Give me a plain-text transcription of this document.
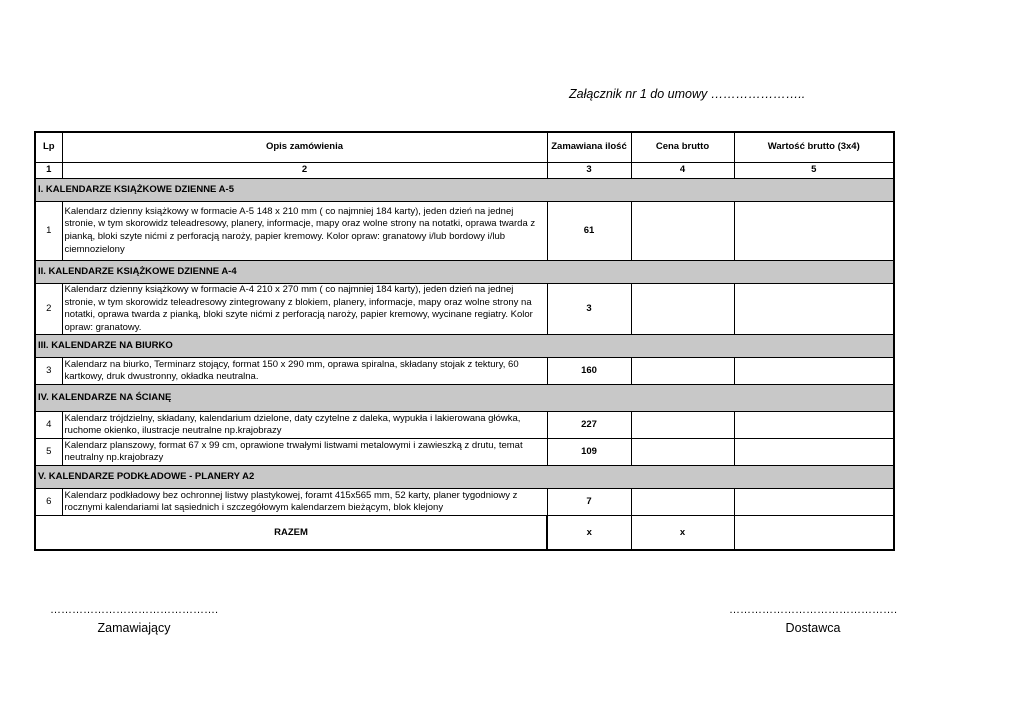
Załącznik nr 1 do umowy …………………..
Lp	Opis zamówienia	Zamawiana ilość	Cena brutto	Wartość brutto (3x4)
1	2	3	4	5
I. KALENDARZE KSIĄŻKOWE DZIENNE A-5				
1	Kalendarz dzienny książkowy w formacie A-5 148 x 210 mm ( co najmniej 184 karty), jeden dzień na jednej stronie, w tym skorowidz teleadresowy, planery, informacje, mapy oraz wolne strony na notatki, oprawa twarda z pianką, bloki szyte nićmi z perforacją naroży, papier kremowy. Kolor opraw: granatowy i/lub bordowy i/lub ciemnozielony	61		
II. KALENDARZE KSIĄŻKOWE DZIENNE A-4				
2	Kalendarz dzienny książkowy w formacie A-4 210 x 270 mm ( co najmniej 184 karty), jeden dzień na jednej stronie, w tym skorowidz teleadresowy zintegrowany z blokiem, planery, informacje, mapy oraz wolne strony na notatki, oprawa twarda z pianką, bloki szyte nićmi z perforacją naroży, papier kremowy, wycinane regiatry. Kolor opraw: granatowy.	3		
III. KALENDARZE NA BIURKO				
3	Kalendarz na biurko, Terminarz stojący, format 150 x 290 mm, oprawa spiralna, składany stojak z tektury, 60 kartkowy, druk dwustronny, okładka neutralna.	160		
IV. KALENDARZE NA ŚCIANĘ				
4	Kalendarz trójdzielny, składany, kalendarium dzielone, daty czytelne z daleka, wypukła i lakierowana główka, ruchome okienko, ilustracje neutralne np.krajobrazy	227		
5	Kalendarz planszowy, format 67 x 99 cm, oprawione trwałymi listwami metalowymi i zawieszką z drutu, temat neutralny np.krajobrazy	109		
V. KALENDARZE PODKŁADOWE - PLANERY A2				
6	Kalendarz podkładowy bez ochronnej listwy plastykowej, foramt 415x565 mm, 52 karty, planer tygodniowy z rocznymi kalendariami lat sąsiednich i szczegółowym kalendarzem bieżącym, blok klejony	7		
RAZEM		x	x	
……………………………………….
Zamawiający
……………………………………….
Dostawca
